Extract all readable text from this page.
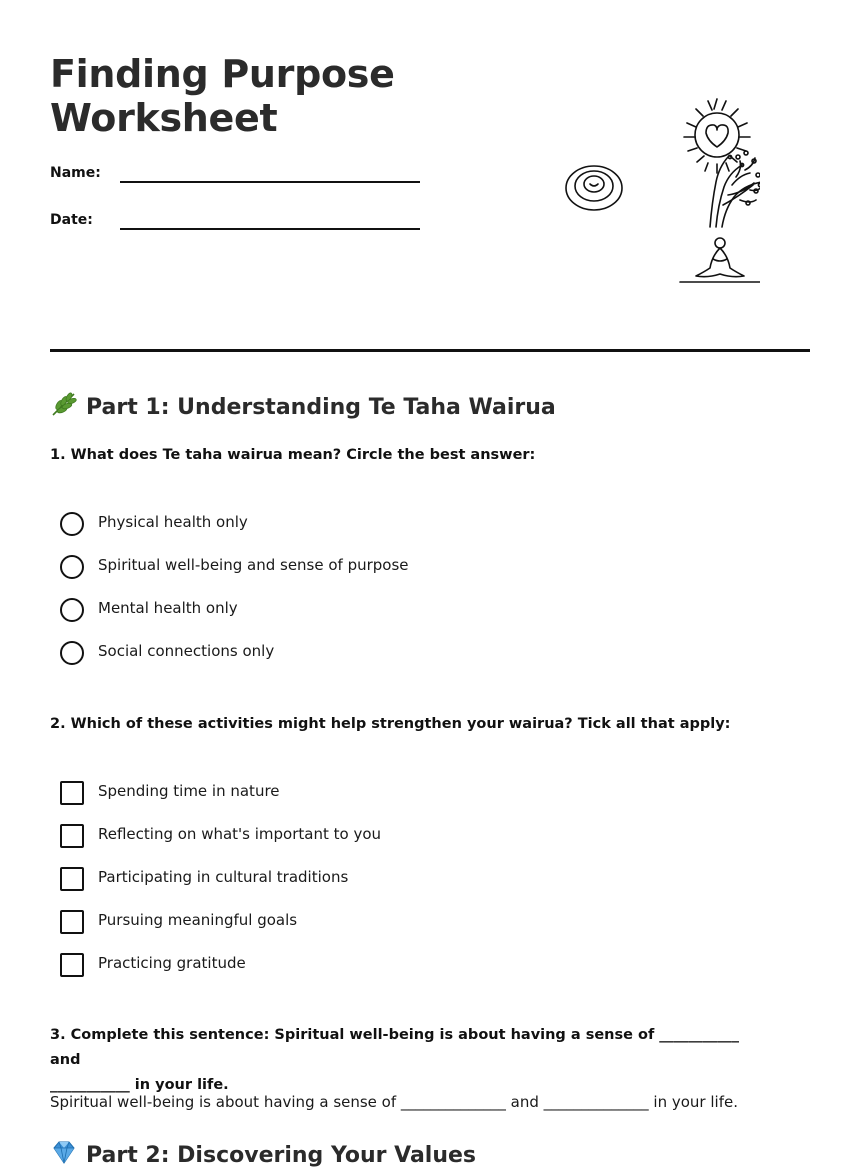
Finding Purpose
Worksheet
Name:
Date:
Part 1: Understanding Te Taha Wairua

1. What does Te taha wairua mean? Circle the best answer:

Physical health only
Spiritual well-being and sense of purpose
Mental health only
Social connections only

2. Which of these activities might help strengthen your wairua? Tick all that apply:

Spending time in nature
Reflecting on what's important to you
Participating in cultural traditions
Pursuing meaningful goals
Practicing gratitude

3. Complete this sentence: Spiritual well-being is about having a sense of ___________ and
___________ in your life.

Spiritual well-being is about having a sense of ______________ and ______________ in your life.
Part 2: Discovering Your Values
